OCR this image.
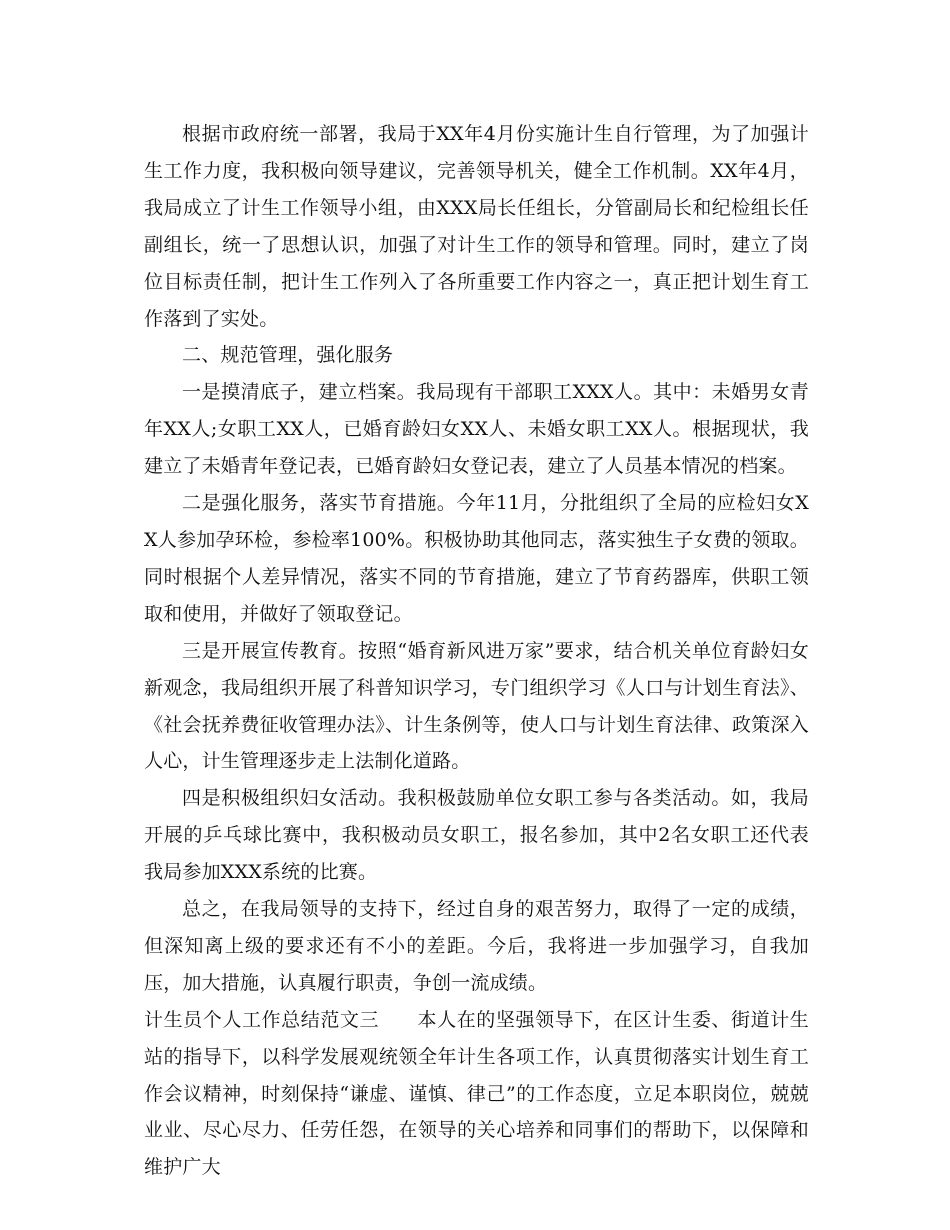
根据市政府统一部署，我局于XX年4月份实施计生自行管理，为了加强计生工作力度，我积极向领导建议，完善领导机关，健全工作机制。XX年4月，我局成立了计生工作领导小组，由XXX局长任组长，分管副局长和纪检组长任副组长，统一了思想认识，加强了对计生工作的领导和管理。同时，建立了岗位目标责任制，把计生工作列入了各所重要工作内容之一，真正把计划生育工作落到了实处。

二、规范管理，强化服务

一是摸清底子，建立档案。我局现有干部职工XXX人。其中：未婚男女青年XX人;女职工XX人，已婚育龄妇女XX人、未婚女职工XX人。根据现状，我建立了未婚青年登记表，已婚育龄妇女登记表，建立了人员基本情况的档案。

二是强化服务，落实节育措施。今年11月，分批组织了全局的应检妇女XX人参加孕环检，参检率100%。积极协助其他同志，落实独生子女费的领取。同时根据个人差异情况，落实不同的节育措施，建立了节育药器库，供职工领取和使用，并做好了领取登记。

三是开展宣传教育。按照“婚育新风进万家”要求，结合机关单位育龄妇女新观念，我局组织开展了科普知识学习，专门组织学习《人口与计划生育法》、《社会抚养费征收管理办法》、计生条例等，使人口与计划生育法律、政策深入人心，计生管理逐步走上法制化道路。

四是积极组织妇女活动。我积极鼓励单位女职工参与各类活动。如，我局开展的乒乓球比赛中，我积极动员女职工，报名参加，其中2名女职工还代表我局参加XXX系统的比赛。

总之，在我局领导的支持下，经过自身的艰苦努力，取得了一定的成绩，但深知离上级的要求还有不小的差距。今后，我将进一步加强学习，自我加压，加大措施，认真履行职责，争创一流成绩。

计生员个人工作总结范文三 本人在的坚强领导下，在区计生委、街道计生站的指导下，以科学发展观统领全年计生各项工作，认真贯彻落实计划生育工作会议精神，时刻保持“谦虚、谨慎、律己”的工作态度，立足本职岗位，兢兢业业、尽心尽力、任劳任怨，在领导的关心培养和同事们的帮助下，以保障和维护广大
